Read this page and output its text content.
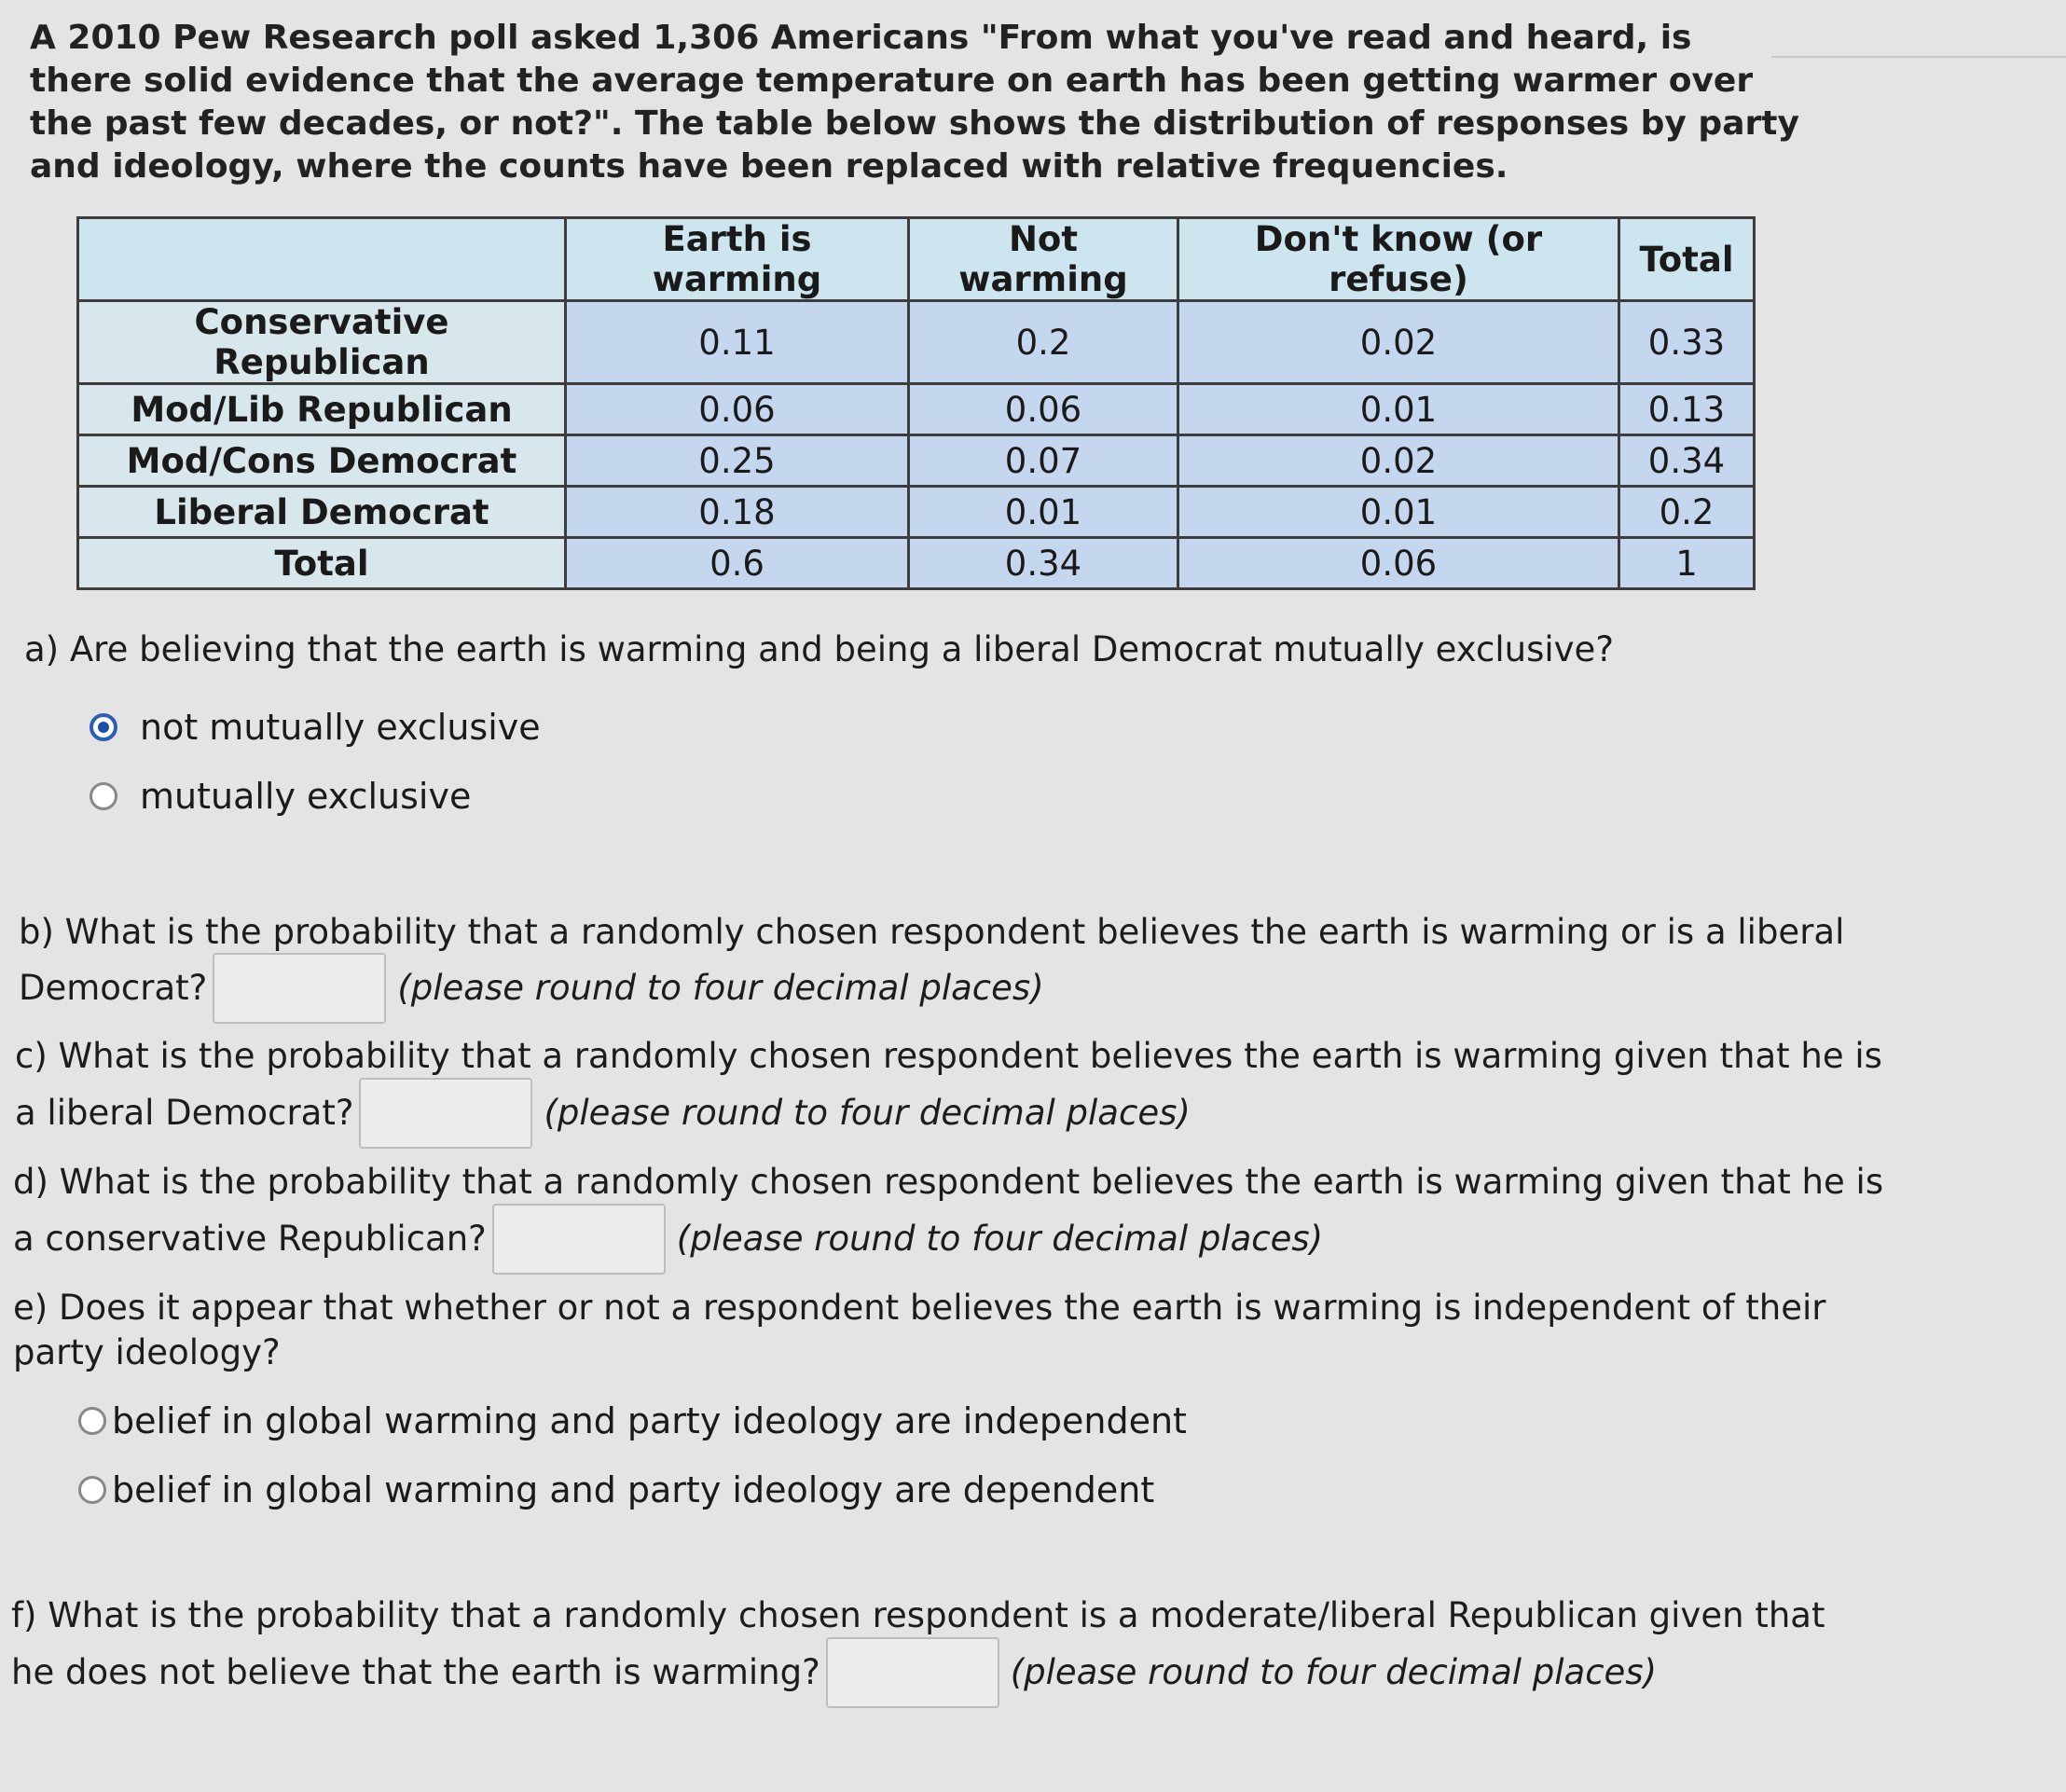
A 2010 Pew Research poll asked 1,306 Americans "From what you've read and heard, is there solid evidence that the average temperature on earth has been getting warmer over the past few decades, or not?". The table below shows the distribution of responses by party and ideology, where the counts have been replaced with relative frequencies.
	Earth is warming	Not warming	Don't know (or refuse)	Total
Conservative Republican	0.11	0.2	0.02	0.33
Mod/Lib Republican	0.06	0.06	0.01	0.13
Mod/Cons Democrat	0.25	0.07	0.02	0.34
Liberal Democrat	0.18	0.01	0.01	0.2
Total	0.6	0.34	0.06	1
a) Are believing that the earth is warming and being a liberal Democrat mutually exclusive?
not mutually exclusive
mutually exclusive
b) What is the probability that a randomly chosen respondent believes the earth is warming or is a liberal
Democrat?	(please round to four decimal places)
c) What is the probability that a randomly chosen respondent believes the earth is warming given that he is
a liberal Democrat?	(please round to four decimal places)
d) What is the probability that a randomly chosen respondent believes the earth is warming given that he is
a conservative Republican?	(please round to four decimal places)
e) Does it appear that whether or not a respondent believes the earth is warming is independent of their
party ideology?
belief in global warming and party ideology are independent
belief in global warming and party ideology are dependent
f) What is the probability that a randomly chosen respondent is a moderate/liberal Republican given that
he does not believe that the earth is warming?	(please round to four decimal places)
